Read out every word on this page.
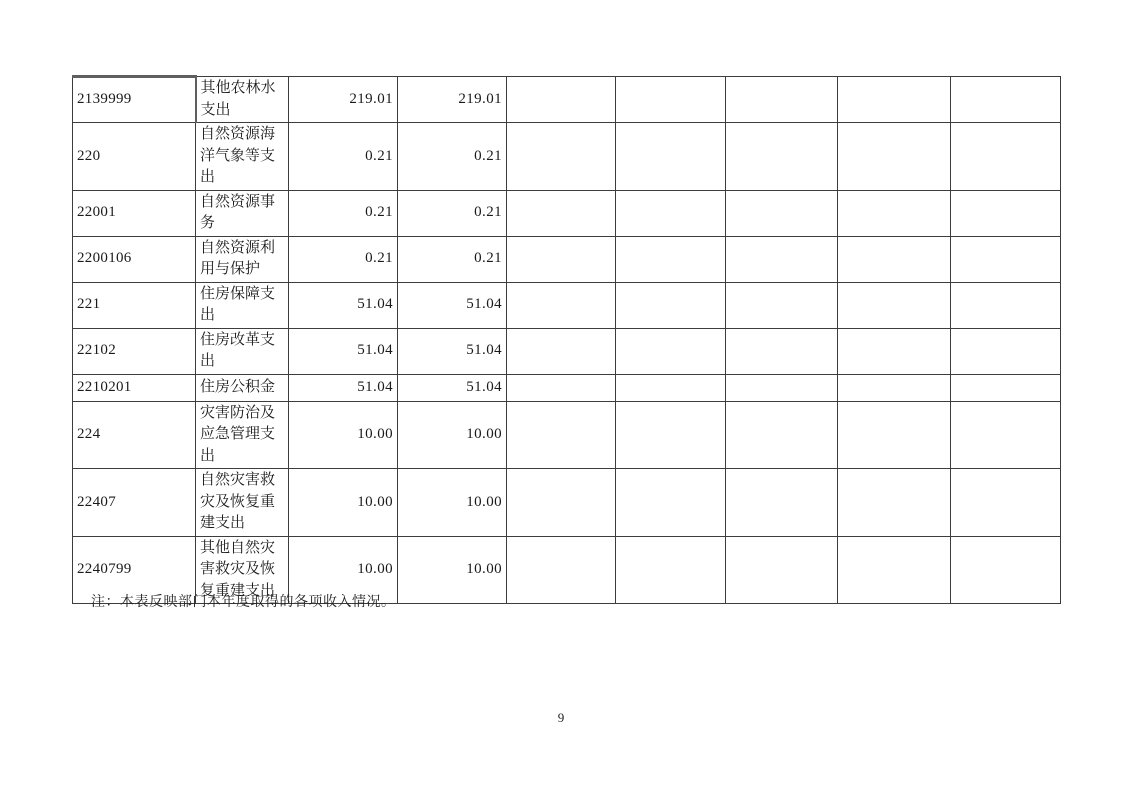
2139999	其他农林水支出	219.01	219.01					
220	自然资源海洋气象等支出	0.21	0.21					
22001	自然资源事务	0.21	0.21					
2200106	自然资源利用与保护	0.21	0.21					
221	住房保障支出	51.04	51.04					
22102	住房改革支出	51.04	51.04					
2210201	住房公积金	51.04	51.04					
224	灾害防治及应急管理支出	10.00	10.00					
22407	自然灾害救灾及恢复重建支出	10.00	10.00					
2240799	其他自然灾害救灾及恢复重建支出	10.00	10.00					
注：本表反映部门本年度取得的各项收入情况。
9
